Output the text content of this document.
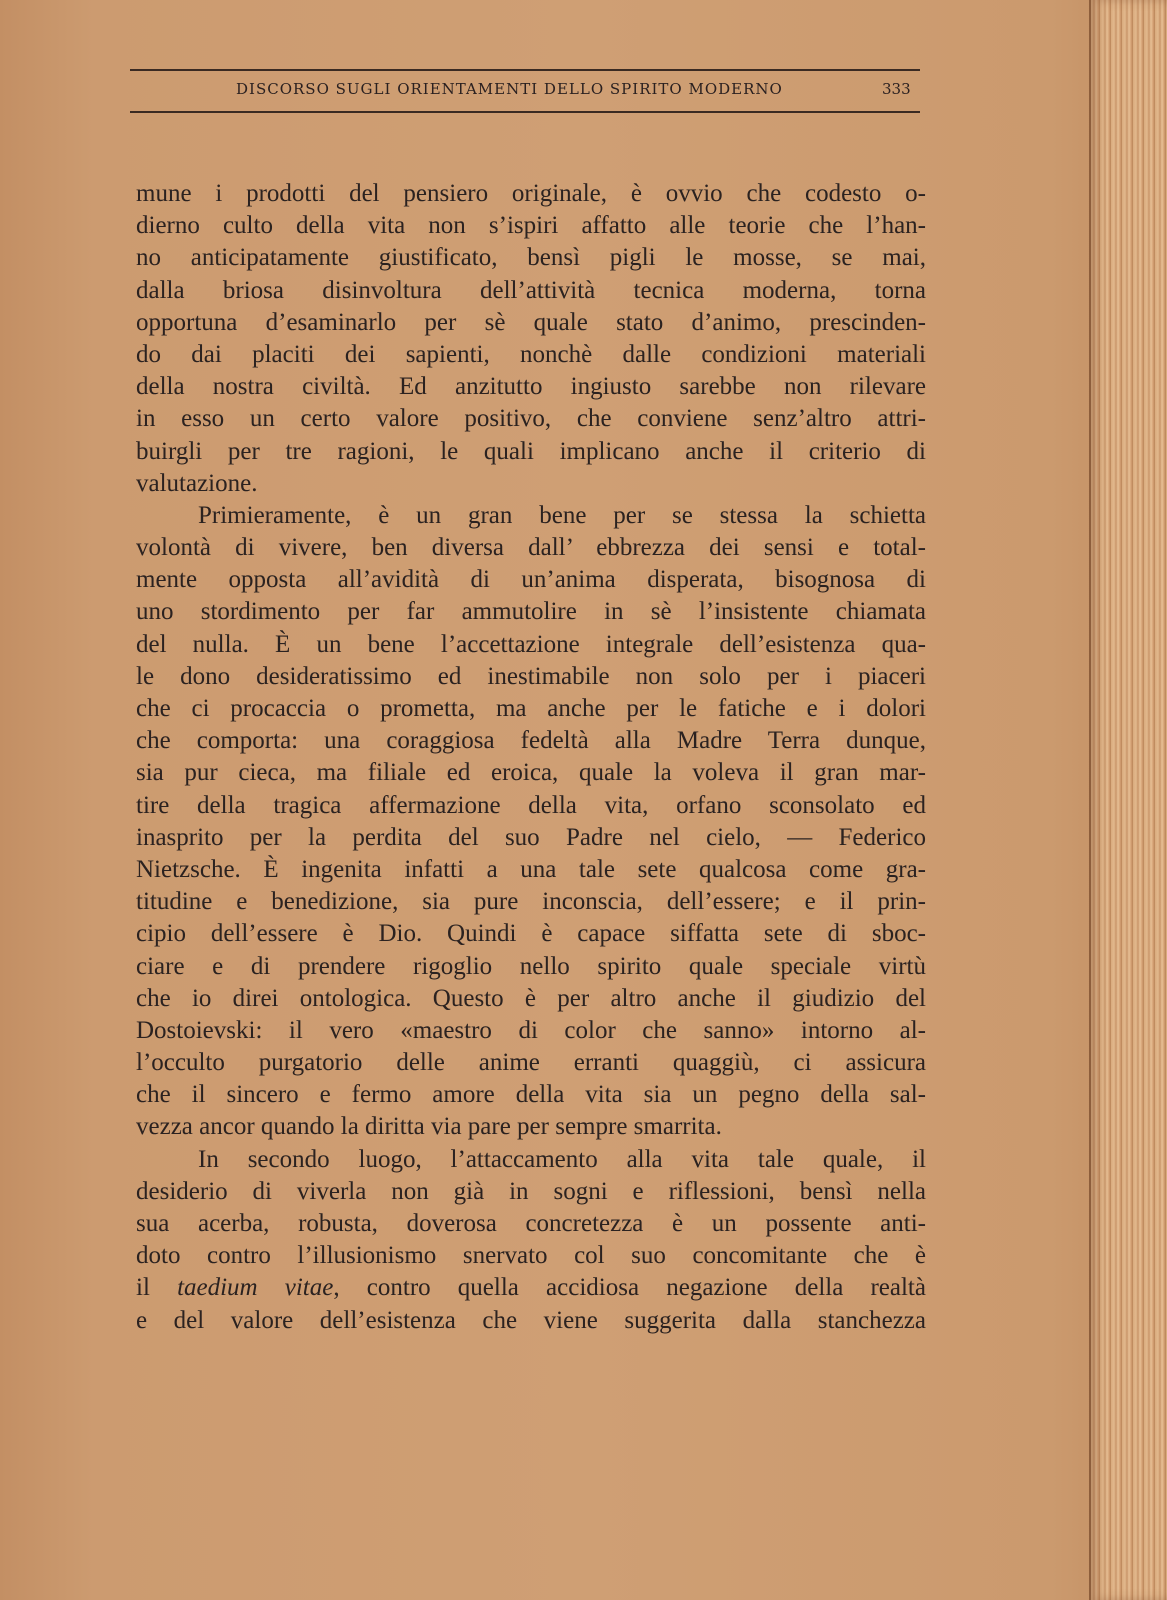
DISCORSO SUGLI ORIENTAMENTI DELLO SPIRITO MODERNO	333
mune i prodotti del pensiero originale, è ovvio che codesto o-
dierno culto della vita non s’ispiri affatto alle teorie che l’han-
no anticipatamente giustificato, bensì pigli le mosse, se mai,
dalla briosa disinvoltura dell’attività tecnica moderna, torna
opportuna d’esaminarlo per sè quale stato d’animo, prescinden-
do dai placiti dei sapienti, nonchè dalle condizioni materiali
della nostra civiltà. Ed anzitutto ingiusto sarebbe non rilevare
in esso un certo valore positivo, che conviene senz’altro attri-
buirgli per tre ragioni, le quali implicano anche il criterio di
valutazione.
Primieramente, è un gran bene per se stessa la schietta
volontà di vivere, ben diversa dall’ ebbrezza dei sensi e total-
mente opposta all’avidità di un’anima disperata, bisognosa di
uno stordimento per far ammutolire in sè l’insistente chiamata
del nulla. È un bene l’accettazione integrale dell’esistenza qua-
le dono desideratissimo ed inestimabile non solo per i piaceri
che ci procaccia o prometta, ma anche per le fatiche e i dolori
che comporta: una coraggiosa fedeltà alla Madre Terra dunque,
sia pur cieca, ma filiale ed eroica, quale la voleva il gran mar-
tire della tragica affermazione della vita, orfano sconsolato ed
inasprito per la perdita del suo Padre nel cielo, — Federico
Nietzsche. È ingenita infatti a una tale sete qualcosa come gra-
titudine e benedizione, sia pure inconscia, dell’essere; e il prin-
cipio dell’essere è Dio. Quindi è capace siffatta sete di sboc-
ciare e di prendere rigoglio nello spirito quale speciale virtù
che io direi ontologica. Questo è per altro anche il giudizio del
Dostoievski: il vero «maestro di color che sanno» intorno al-
l’occulto purgatorio delle anime erranti quaggiù, ci assicura
che il sincero e fermo amore della vita sia un pegno della sal-
vezza ancor quando la diritta via pare per sempre smarrita.
In secondo luogo, l’attaccamento alla vita tale quale, il
desiderio di viverla non già in sogni e riflessioni, bensì nella
sua acerba, robusta, doverosa concretezza è un possente anti-
doto contro l’illusionismo snervato col suo concomitante che è
il taedium vitae, contro quella accidiosa negazione della realtà
e del valore dell’esistenza che viene suggerita dalla stanchezza
